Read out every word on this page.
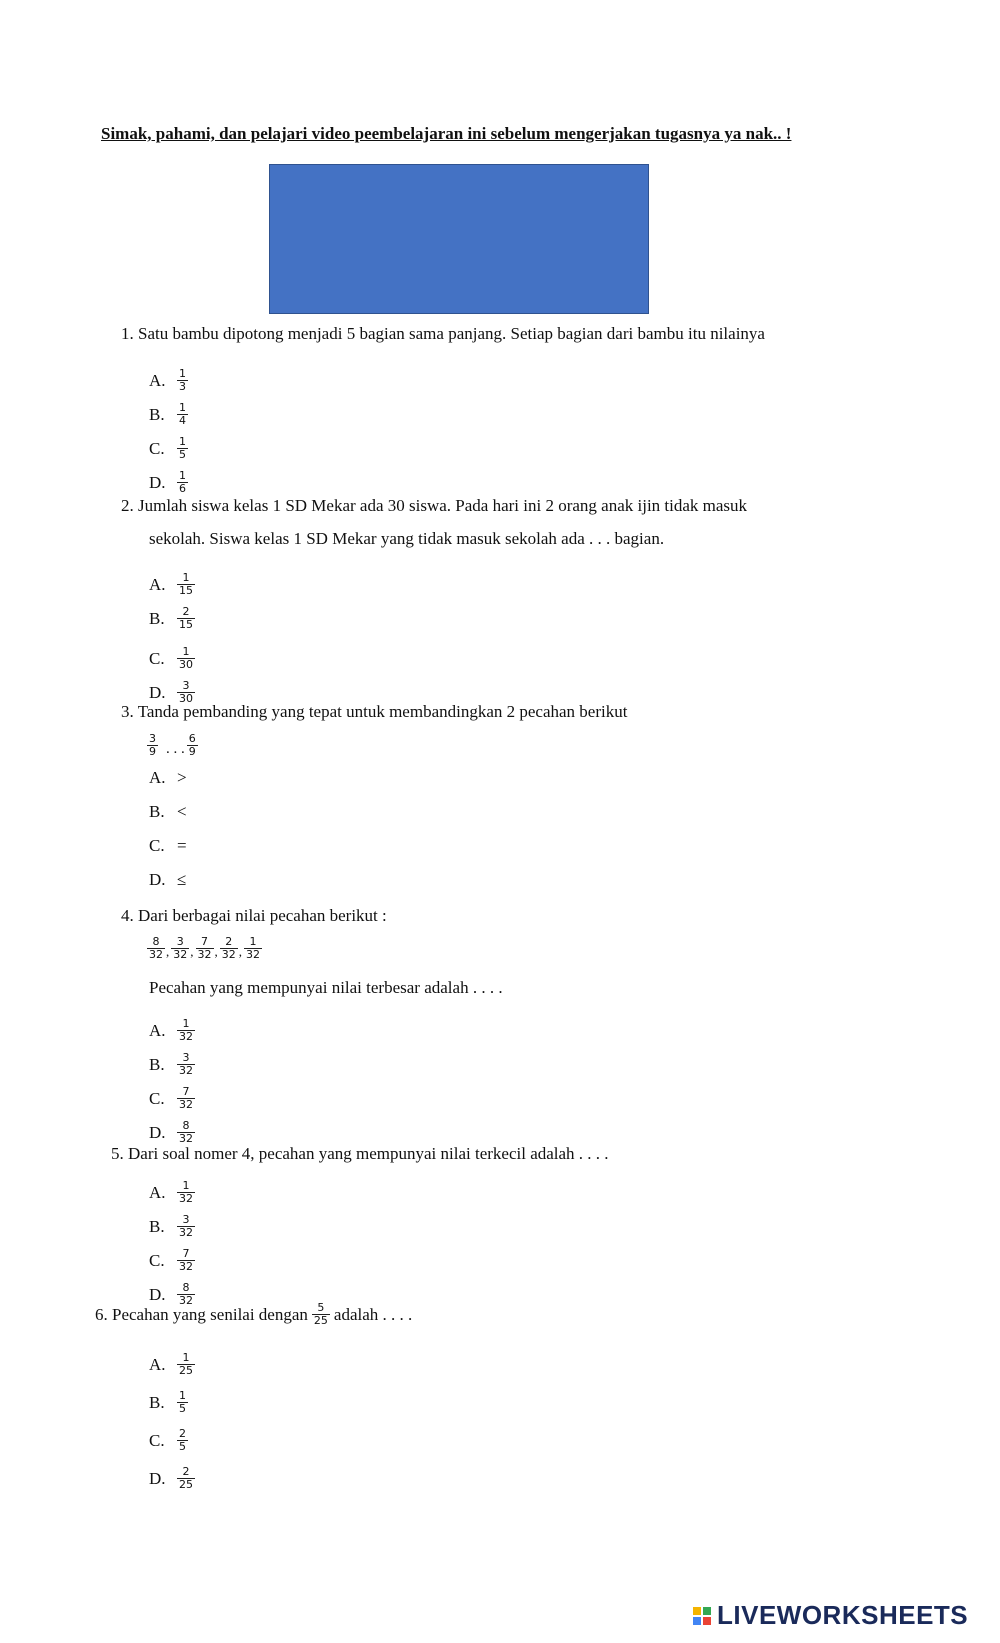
Simak, pahami, dan pelajari video peembelajaran ini sebelum mengerjakan tugasnya ya nak.. !
1. Satu bambu dipotong menjadi 5 bagian sama panjang. Setiap bagian dari bambu itu nilainya
A.	$\frac{1}{3}$
B.	$\frac{1}{4}$
C.	$\frac{1}{5}$
D.	$\frac{1}{6}$
2. Jumlah siswa kelas 1 SD Mekar ada 30 siswa. Pada hari ini 2 orang anak ijin tidak masuk
sekolah. Siswa kelas 1 SD Mekar yang tidak masuk sekolah ada . . . bagian.
A.	$\frac{1}{15}$
B.	$\frac{2}{15}$
C.	$\frac{1}{30}$
D.	$\frac{3}{30}$
3. Tanda pembanding yang tepat untuk membandingkan 2 pecahan berikut
$\frac{3}{9}$ . . . $\frac{6}{9}$
A. >
B. <
C. =
D. ≤
4. Dari berbagai nilai pecahan berikut :
$\frac{8}{32}$ , $\frac{3}{32}$ , $\frac{7}{32}$ , $\frac{2}{32}$ , $\frac{1}{32}$
Pecahan yang mempunyai nilai terbesar adalah . . . .
A.	$\frac{1}{32}$
B.	$\frac{3}{32}$
C.	$\frac{7}{32}$
D.	$\frac{8}{32}$
5. Dari soal nomer 4, pecahan yang mempunyai nilai terkecil adalah . . . .
A.	$\frac{1}{32}$
B.	$\frac{3}{32}$
C.	$\frac{7}{32}$
D.	$\frac{8}{32}$
6. Pecahan yang senilai dengan $\frac{5}{25}$ adalah . . . .
A.	$\frac{1}{25}$
B.	$\frac{1}{5}$
C.	$\frac{2}{5}$
D.	$\frac{2}{25}$
LIVEWORKSHEETS
